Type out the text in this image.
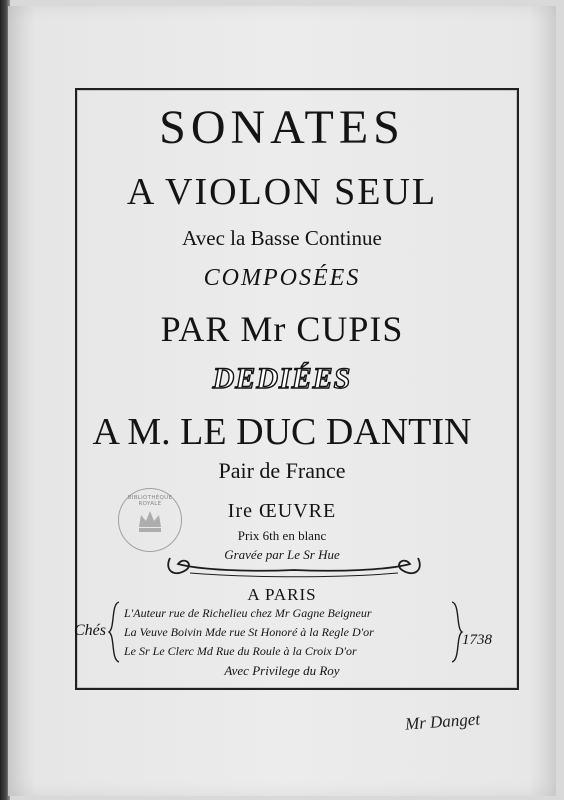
SONATES
A VIOLON SEUL
Avec la Basse Continue
COMPOSÉES
PAR Mr CUPIS
DEDIÉES
A M. LE DUC DANTIN
Pair de France
Ire ŒUVRE
Prix 6th en blanc
Gravée par Le Sr Hue
A PARIS
Chés
L'Auteur rue de Richelieu chez Mr Gagne Beigneur
La Veuve Boivin Mde rue St Honoré à la Regle D'or
Le Sr Le Clerc Md Rue du Roule à la Croix D'or
1738
Avec Privilege du Roy
BIBLIOTHÈQUE ROYALE
Mr Danget
